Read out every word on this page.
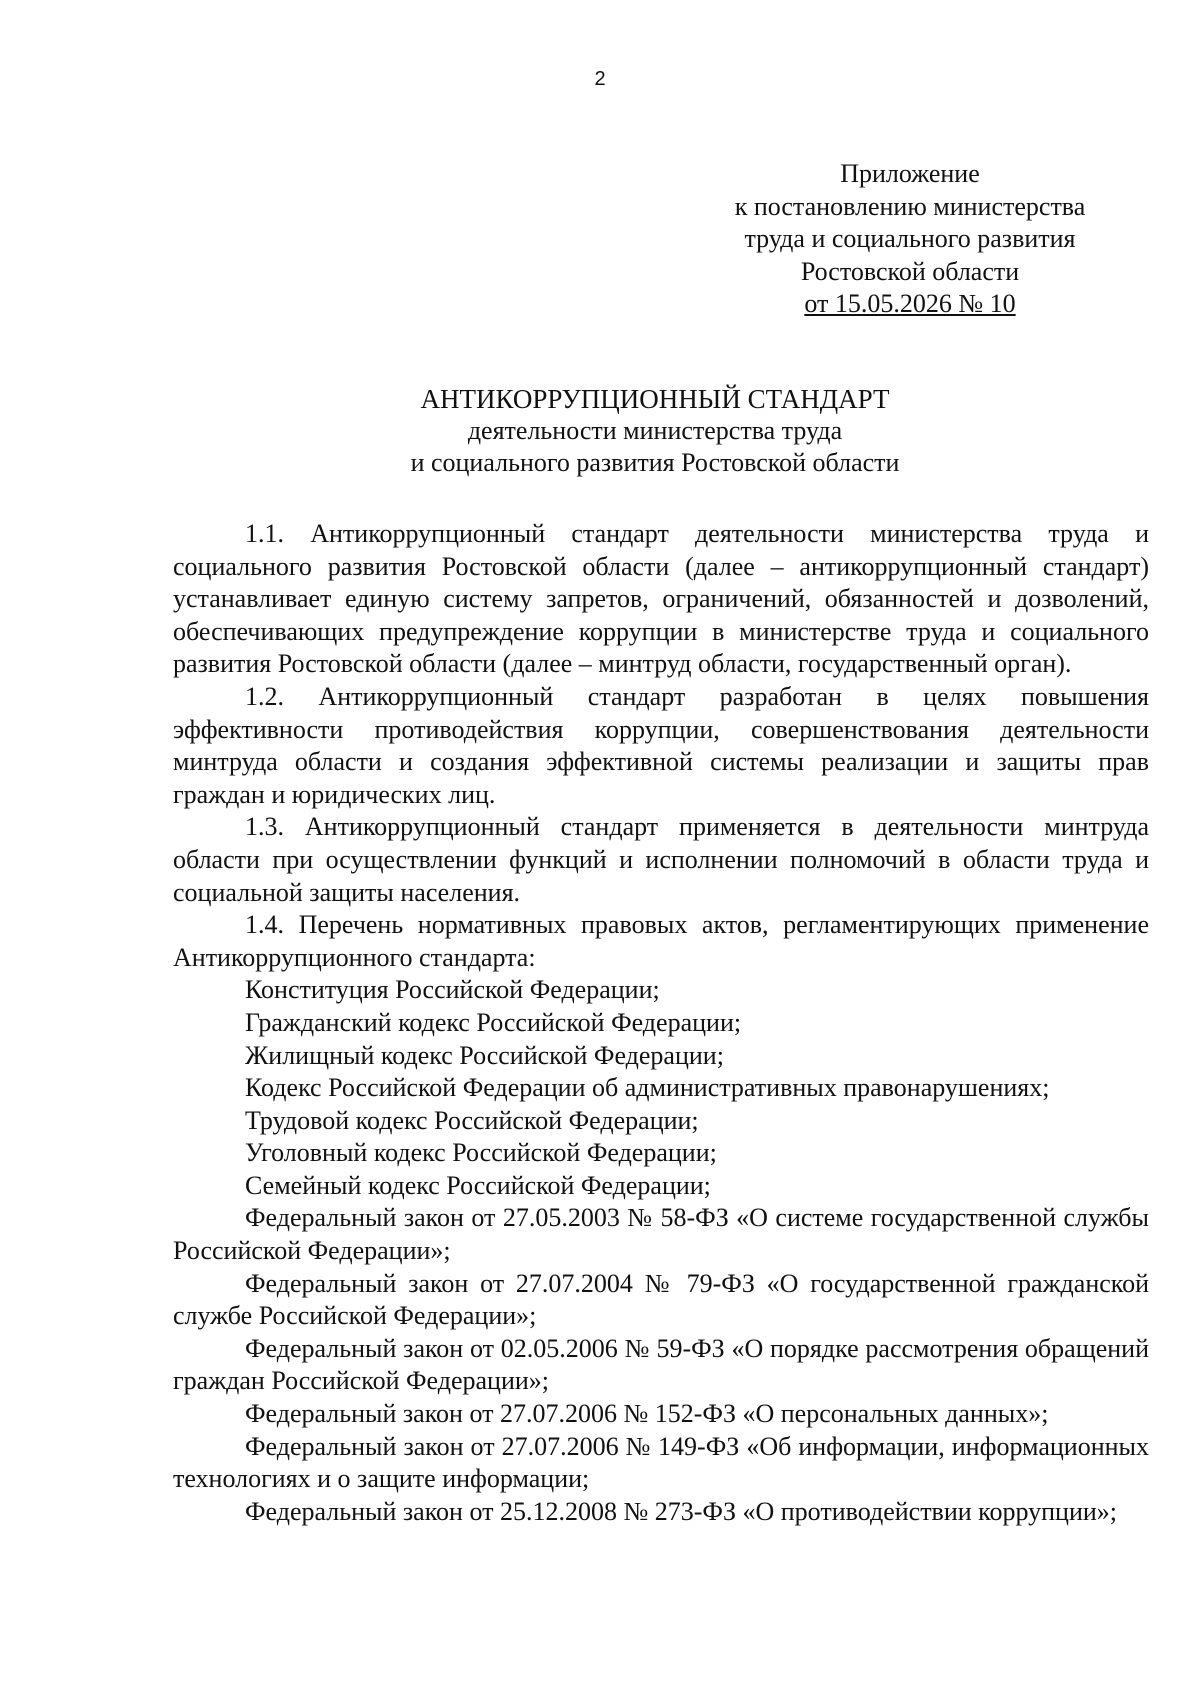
2
Приложение
к постановлению министерства
труда и социального развития
Ростовской области
от 15.05.2026 № 10
АНТИКОРРУПЦИОННЫЙ СТАНДАРТ
деятельности министерства труда
и социального развития Ростовской области

1.1. Антикоррупционный стандарт деятельности министерства труда и социального развития Ростовской области (далее – антикоррупционный стандарт) устанавливает единую систему запретов, ограничений, обязанностей и дозволений, обеспечивающих предупреждение коррупции в министерстве труда и социального развития Ростовской области (далее – минтруд области, государственный орган).

1.2. Антикоррупционный стандарт разработан в целях повышения эффективности противодействия коррупции, совершенствования деятельности минтруда области и создания эффективной системы реализации и защиты прав граждан и юридических лиц.

1.3. Антикоррупционный стандарт применяется в деятельности минтруда области при осуществлении функций и исполнении полномочий в области труда и социальной защиты населения.

1.4. Перечень нормативных правовых актов, регламентирующих применение Антикоррупционного стандарта:

Конституция Российской Федерации;

Гражданский кодекс Российской Федерации;

Жилищный кодекс Российской Федерации;

Кодекс Российской Федерации об административных правонарушениях;

Трудовой кодекс Российской Федерации;

Уголовный кодекс Российской Федерации;

Семейный кодекс Российской Федерации;

Федеральный закон от 27.05.2003 № 58-ФЗ «О системе государственной службы Российской Федерации»;

Федеральный закон от 27.07.2004 № 79-ФЗ «О государственной гражданской службе Российской Федерации»;

Федеральный закон от 02.05.2006 № 59-ФЗ «О порядке рассмотрения обращений граждан Российской Федерации»;

Федеральный закон от 27.07.2006 № 152-ФЗ «О персональных данных»;

Федеральный закон от 27.07.2006 № 149-ФЗ «Об информации, информационных технологиях и о защите информации;

Федеральный закон от 25.12.2008 № 273-ФЗ «О противодействии коррупции»;
